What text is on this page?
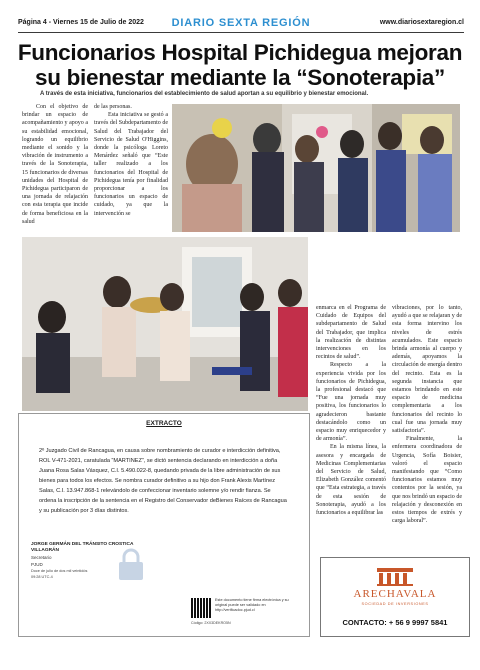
Página 4 - Viernes 15 de Julio de 2022	DIARIO SEXTA REGIÓN	www.diariosextaregion.cl
Funcionarios Hospital Pichidegua mejoran
su bienestar mediante la “Sonoterapia”
A través de esta iniciativa, funcionarios del establecimiento de salud aportan a su equilibrio y bienestar emocional.

Con el objetivo de brindar un espacio de acompañamiento y apoyo a su estabilidad emocional, logrando un equilibrio mediante el sonido y la vibración de instrumento a través de la Sonoterapia, 15 funcionarios de diversas unidades del Hospital de Pichidegua participaron de una jornada de relajación con esta terapia que incide de forma beneficiosa en la salud

de las personas.

Esta iniciativa se gestó a través del Subdepartamento de Salud del Trabajador del Servicio de Salud O'Higgins, donde la psicóloga Loreto Menárdez señaló que “Este taller realizado a los funcionarios del Hospital de Pichidegua tenía por finalidad proporcionar a los funcionarios un espacio de cuidado, ya que la intervención se

enmarca en el Programa de Cuidado de Equipos del subdepartamento de Salud del Trabajador, que implica la realización de distintas intervenciones en los recintos de salud”.

Respecto a la experiencia vivida por los funcionarios de Pichidegua, la profesional destacó que “Fue una jornada muy positiva, los funcionarios lo agradecieron bastante destacándolo como un espacio muy enriquecedor y de armonía”.

En la misma línea, la asesora y encargada de Medicinas Complementarias del Servicio de Salud, Elizabeth González comentó que “Esta estrategia, a través de esta sesión de Sonoterapia, ayudó a los funcionarios a equilibrar las

vibraciones, por lo tanto, ayudó a que se relajaran y de esta forma intervino los niveles de estrés acumulados. Este espacio brinda armonía al cuerpo y además, apoyamos la circulación de energía dentro del recinto. Esta es la segunda instancia que estamos brindando en este espacio de medicina complementaria a los funcionarios del recinto lo cual fue una jornada muy satisfactoria”.

Finalmente, la enfermera coordinadora de Urgencia, Sofía Boisier, valoró el espacio manifestando que “Como funcionarios estamos muy contentos por la sesión, ya que nos brindó un espacio de relajación y desconexión en estos tiempos de extrés y carga laboral”.

EXTRACTO

2º Juzgado Civil de Rancagua, en causa sobre nombramiento de curador e interdicción definitiva, ROL V-471-2021, caratulada “MARTINEZ”, se dictó sentencia declarando en interdicción a doña Juana Rosa Salas Vásquez, C.I. 5.490.022-8, quedando privada de la libre administración de sus bienes para todos los efectos. Se nombra curador definitivo a su hijo don Frank Alexis Martínez Salas, C.I. 13.947.868-1 relevándolo de confeccionar inventario solemne y/o rendir fianza. Se ordena la inscripción de la sentencia en el Registro del Conservador deBienes Raíces de Rancagua y su publicación por 3 días distintos.

JORGE GERMÁN DEL TRÁNSITO CROSTICA VILLAGRÁN
Secretario
PJUD
Doce de julio de dos mil veintidós
09:28 UTC-4
Este documento tiene firma electrónica y su original puede ser validado en http://verificadoc.pjud.cl
Código: 2XX3DEKRO5N
ARECHAVALA
SOCIEDAD DE INVERSIONES
CONTACTO: + 56 9 9997 5841
